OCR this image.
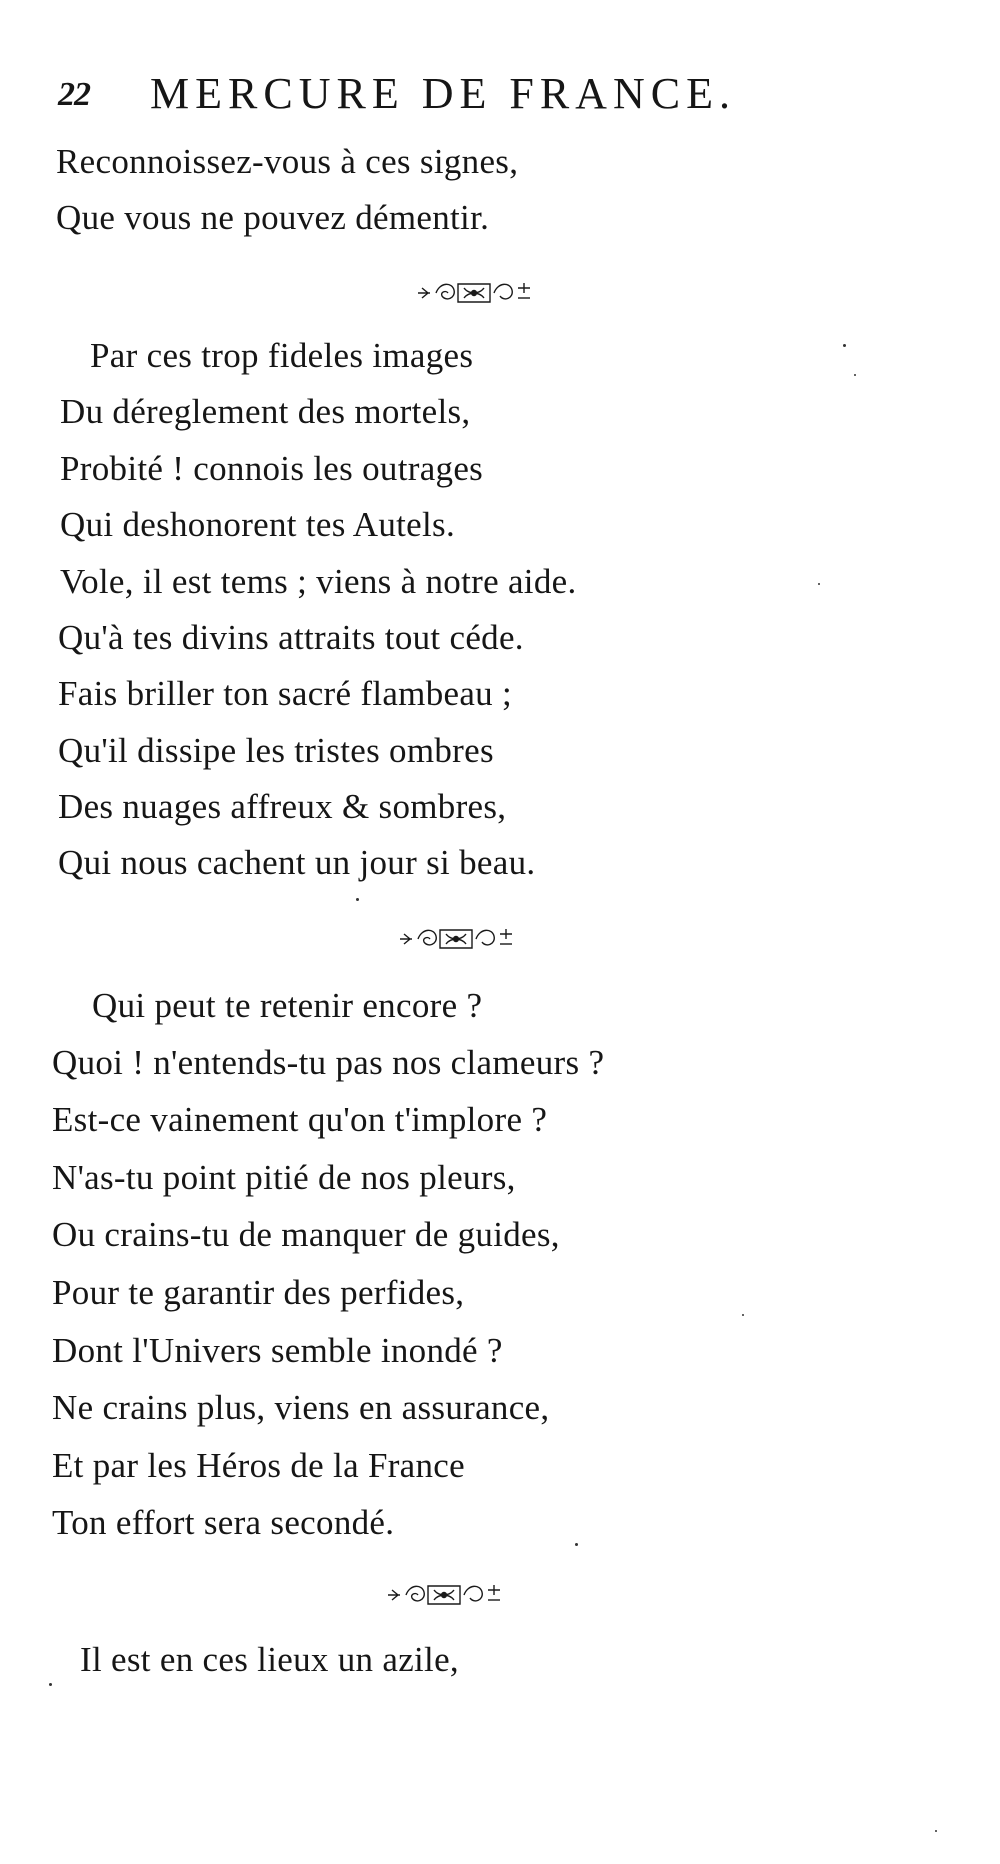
22 MERCURE DE FRANCE.
Reconnoissez-vous à ces signes,
Que vous ne pouvez démentir.
Par ces trop fideles images
Du déreglement des mortels,
Probité ! connois les outrages
Qui deshonorent tes Autels.
Vole, il est tems ; viens à notre aide.
Qu'à tes divins attraits tout céde.
Fais briller ton sacré flambeau ;
Qu'il dissipe les tristes ombres
Des nuages affreux & sombres,
Qui nous cachent un jour si beau.
Qui peut te retenir encore ?
Quoi ! n'entends-tu pas nos clameurs ?
Est-ce vainement qu'on t'implore ?
N'as-tu point pitié de nos pleurs,
Ou crains-tu de manquer de guides,
Pour te garantir des perfides,
Dont l'Univers semble inondé ?
Ne crains plus, viens en assurance,
Et par les Héros de la France
Ton effort sera secondé.
Il est en ces lieux un azile,
